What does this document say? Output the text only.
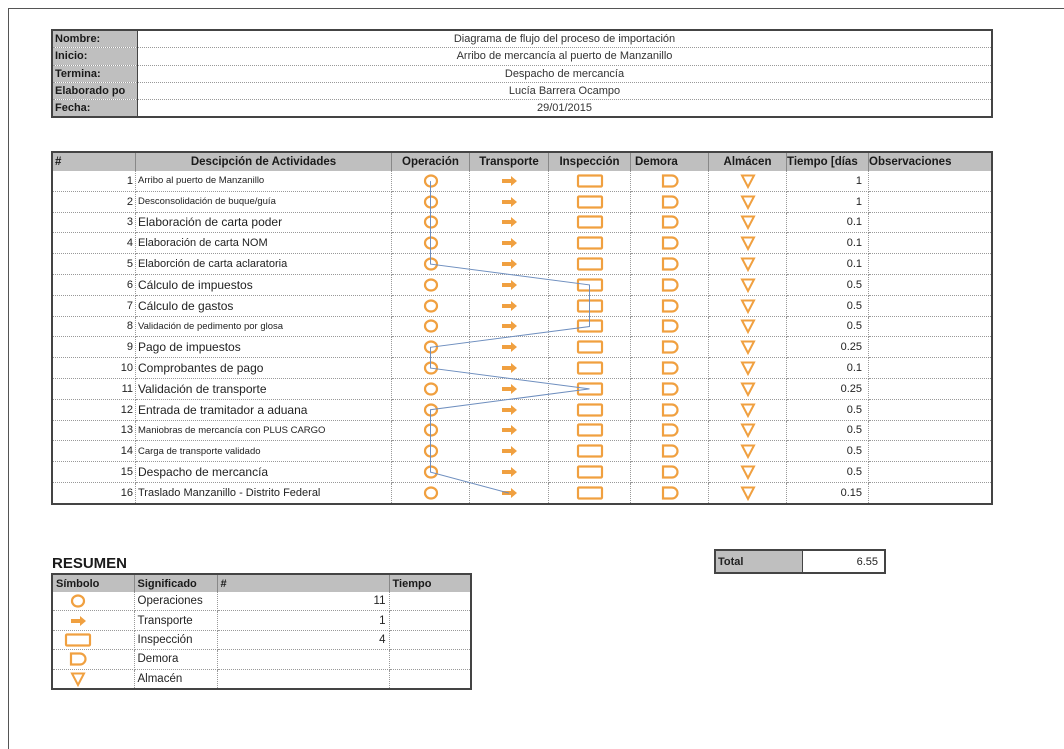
Nombre:	Diagrama de flujo del proceso de importación
Inicio:	Arribo de mercancía al puerto de Manzanillo
Termina:	Despacho de mercancía
Elaborado po	Lucía Barrera Ocampo
Fecha:	29/01/2015
#	Descipción de Actividades	Operación	Transporte	Inspección	Demora	Almácen	Tiempo [días	Observaciones
1	Arribo al puerto de Manzanillo						1	
2	Desconsolidación de buque/guía						1	
3	Elaboración de carta poder						0.1	
4	Elaboración de carta NOM						0.1	
5	Elaborción de carta aclaratoria						0.1	
6	Cálculo de impuestos						0.5	
7	Cálculo de gastos						0.5	
8	Validación de pedimento por glosa						0.5	
9	Pago de impuestos						0.25	
10	Comprobantes de pago						0.1	
11	Validación de transporte						0.25	
12	Entrada de tramitador a aduana						0.5	
13	Maniobras de mercancía con PLUS CARGO						0.5	
14	Carga de transporte validado						0.5	
15	Despacho de mercancía						0.5	
16	Traslado Manzanillo - Distrito Federal						0.15	
Total	6.55
RESUMEN
Símbolo	Significado	#	Tiempo

	Operaciones	11	

	Transporte	1	

	Inspección	4	

	Demora		

	Almacén		
